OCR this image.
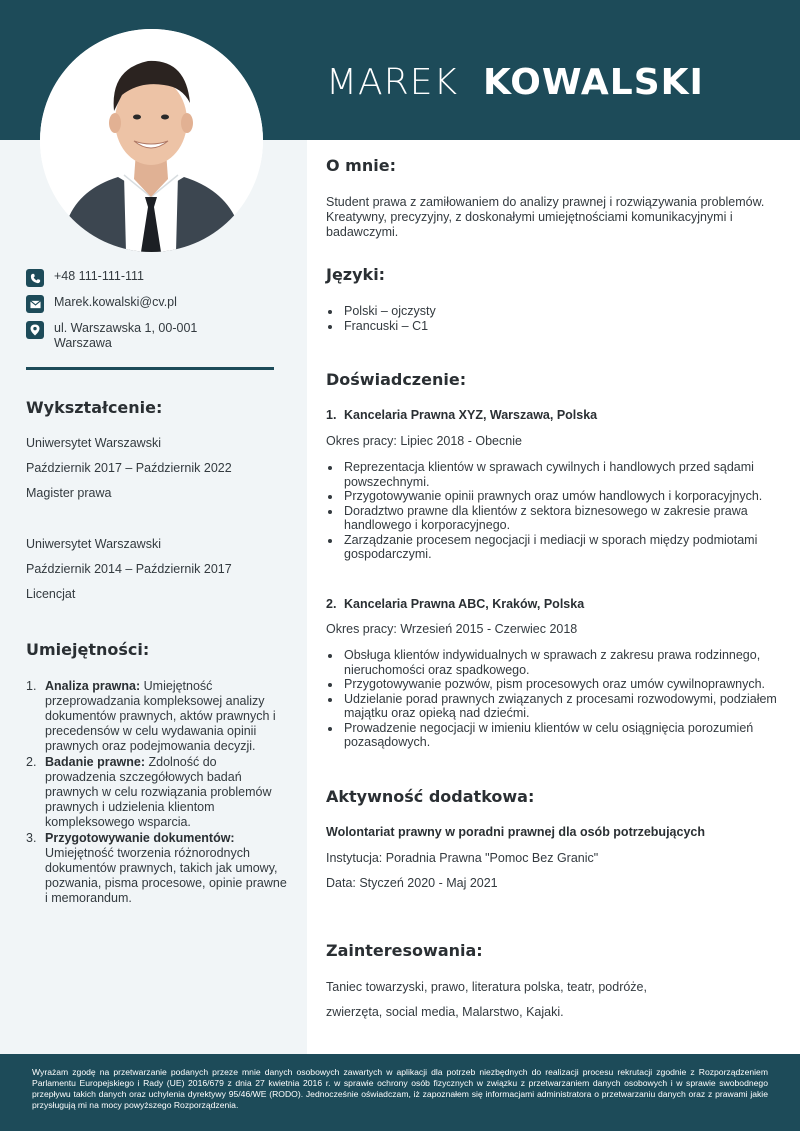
MAREK KOWALSKI
+48 111-111-111
Marek.kowalski@cv.pl
ul. Warszawska 1, 00-001
Warszawa
Wykształcenie:
Uniwersytet Warszawski
Październik 2017 – Październik 2022
Magister prawa
Uniwersytet Warszawski
Październik 2014 – Październik 2017
Licencjat
Umiejętności:
1. Analiza prawna: Umiejętność przeprowadzania kompleksowej analizy dokumentów prawnych, aktów prawnych i precedensów w celu wydawania opinii prawnych oraz podejmowania decyzji.
2. Badanie prawne: Zdolność do prowadzenia szczegółowych badań prawnych w celu rozwiązania problemów prawnych i udzielenia klientom kompleksowego wsparcia.
3. Przygotowywanie dokumentów: Umiejętność tworzenia różnorodnych dokumentów prawnych, takich jak umowy, pozwania, pisma procesowe, opinie prawne i memorandum.
O mnie:
Student prawa z zamiłowaniem do analizy prawnej i rozwiązywania problemów. Kreatywny, precyzyjny, z doskonałymi umiejętnościami komunikacyjnymi i badawczymi.
Języki:
Polski – ojczysty
Francuski – C1
Doświadczenie:
1. Kancelaria Prawna XYZ, Warszawa, Polska
Okres pracy: Lipiec 2018 - Obecnie
Reprezentacja klientów w sprawach cywilnych i handlowych przed sądami powszechnymi.
Przygotowywanie opinii prawnych oraz umów handlowych i korporacyjnych.
Doradztwo prawne dla klientów z sektora biznesowego w zakresie prawa handlowego i korporacyjnego.
Zarządzanie procesem negocjacji i mediacji w sporach między podmiotami gospodarczymi.
2. Kancelaria Prawna ABC, Kraków, Polska
Okres pracy: Wrzesień 2015 - Czerwiec 2018
Obsługa klientów indywidualnych w sprawach z zakresu prawa rodzinnego, nieruchomości oraz spadkowego.
Przygotowywanie pozwów, pism procesowych oraz umów cywilnoprawnych.
Udzielanie porad prawnych związanych z procesami rozwodowymi, podziałem majątku oraz opieką nad dziećmi.
Prowadzenie negocjacji w imieniu klientów w celu osiągnięcia porozumień pozasądowych.
Aktywność dodatkowa:
Wolontariat prawny w poradni prawnej dla osób potrzebujących
Instytucja: Poradnia Prawna "Pomoc Bez Granic"
Data: Styczeń 2020 - Maj 2021
Zainteresowania:
Taniec towarzyski, prawo, literatura polska, teatr, podróże,
zwierzęta, social media, Malarstwo, Kajaki.
Wyrażam zgodę na przetwarzanie podanych przeze mnie danych osobowych zawartych w aplikacji dla potrzeb niezbędnych do realizacji procesu rekrutacji zgodnie z Rozporządzeniem Parlamentu Europejskiego i Rady (UE) 2016/679 z dnia 27 kwietnia 2016 r. w sprawie ochrony osób fizycznych w związku z przetwarzaniem danych osobowych i w sprawie swobodnego przepływu takich danych oraz uchylenia dyrektywy 95/46/WE (RODO). Jednocześnie oświadczam, iż zapoznałem się informacjami administratora o przetwarzaniu danych oraz z prawami jakie przysługują mi na mocy powyższego Rozporządzenia.
